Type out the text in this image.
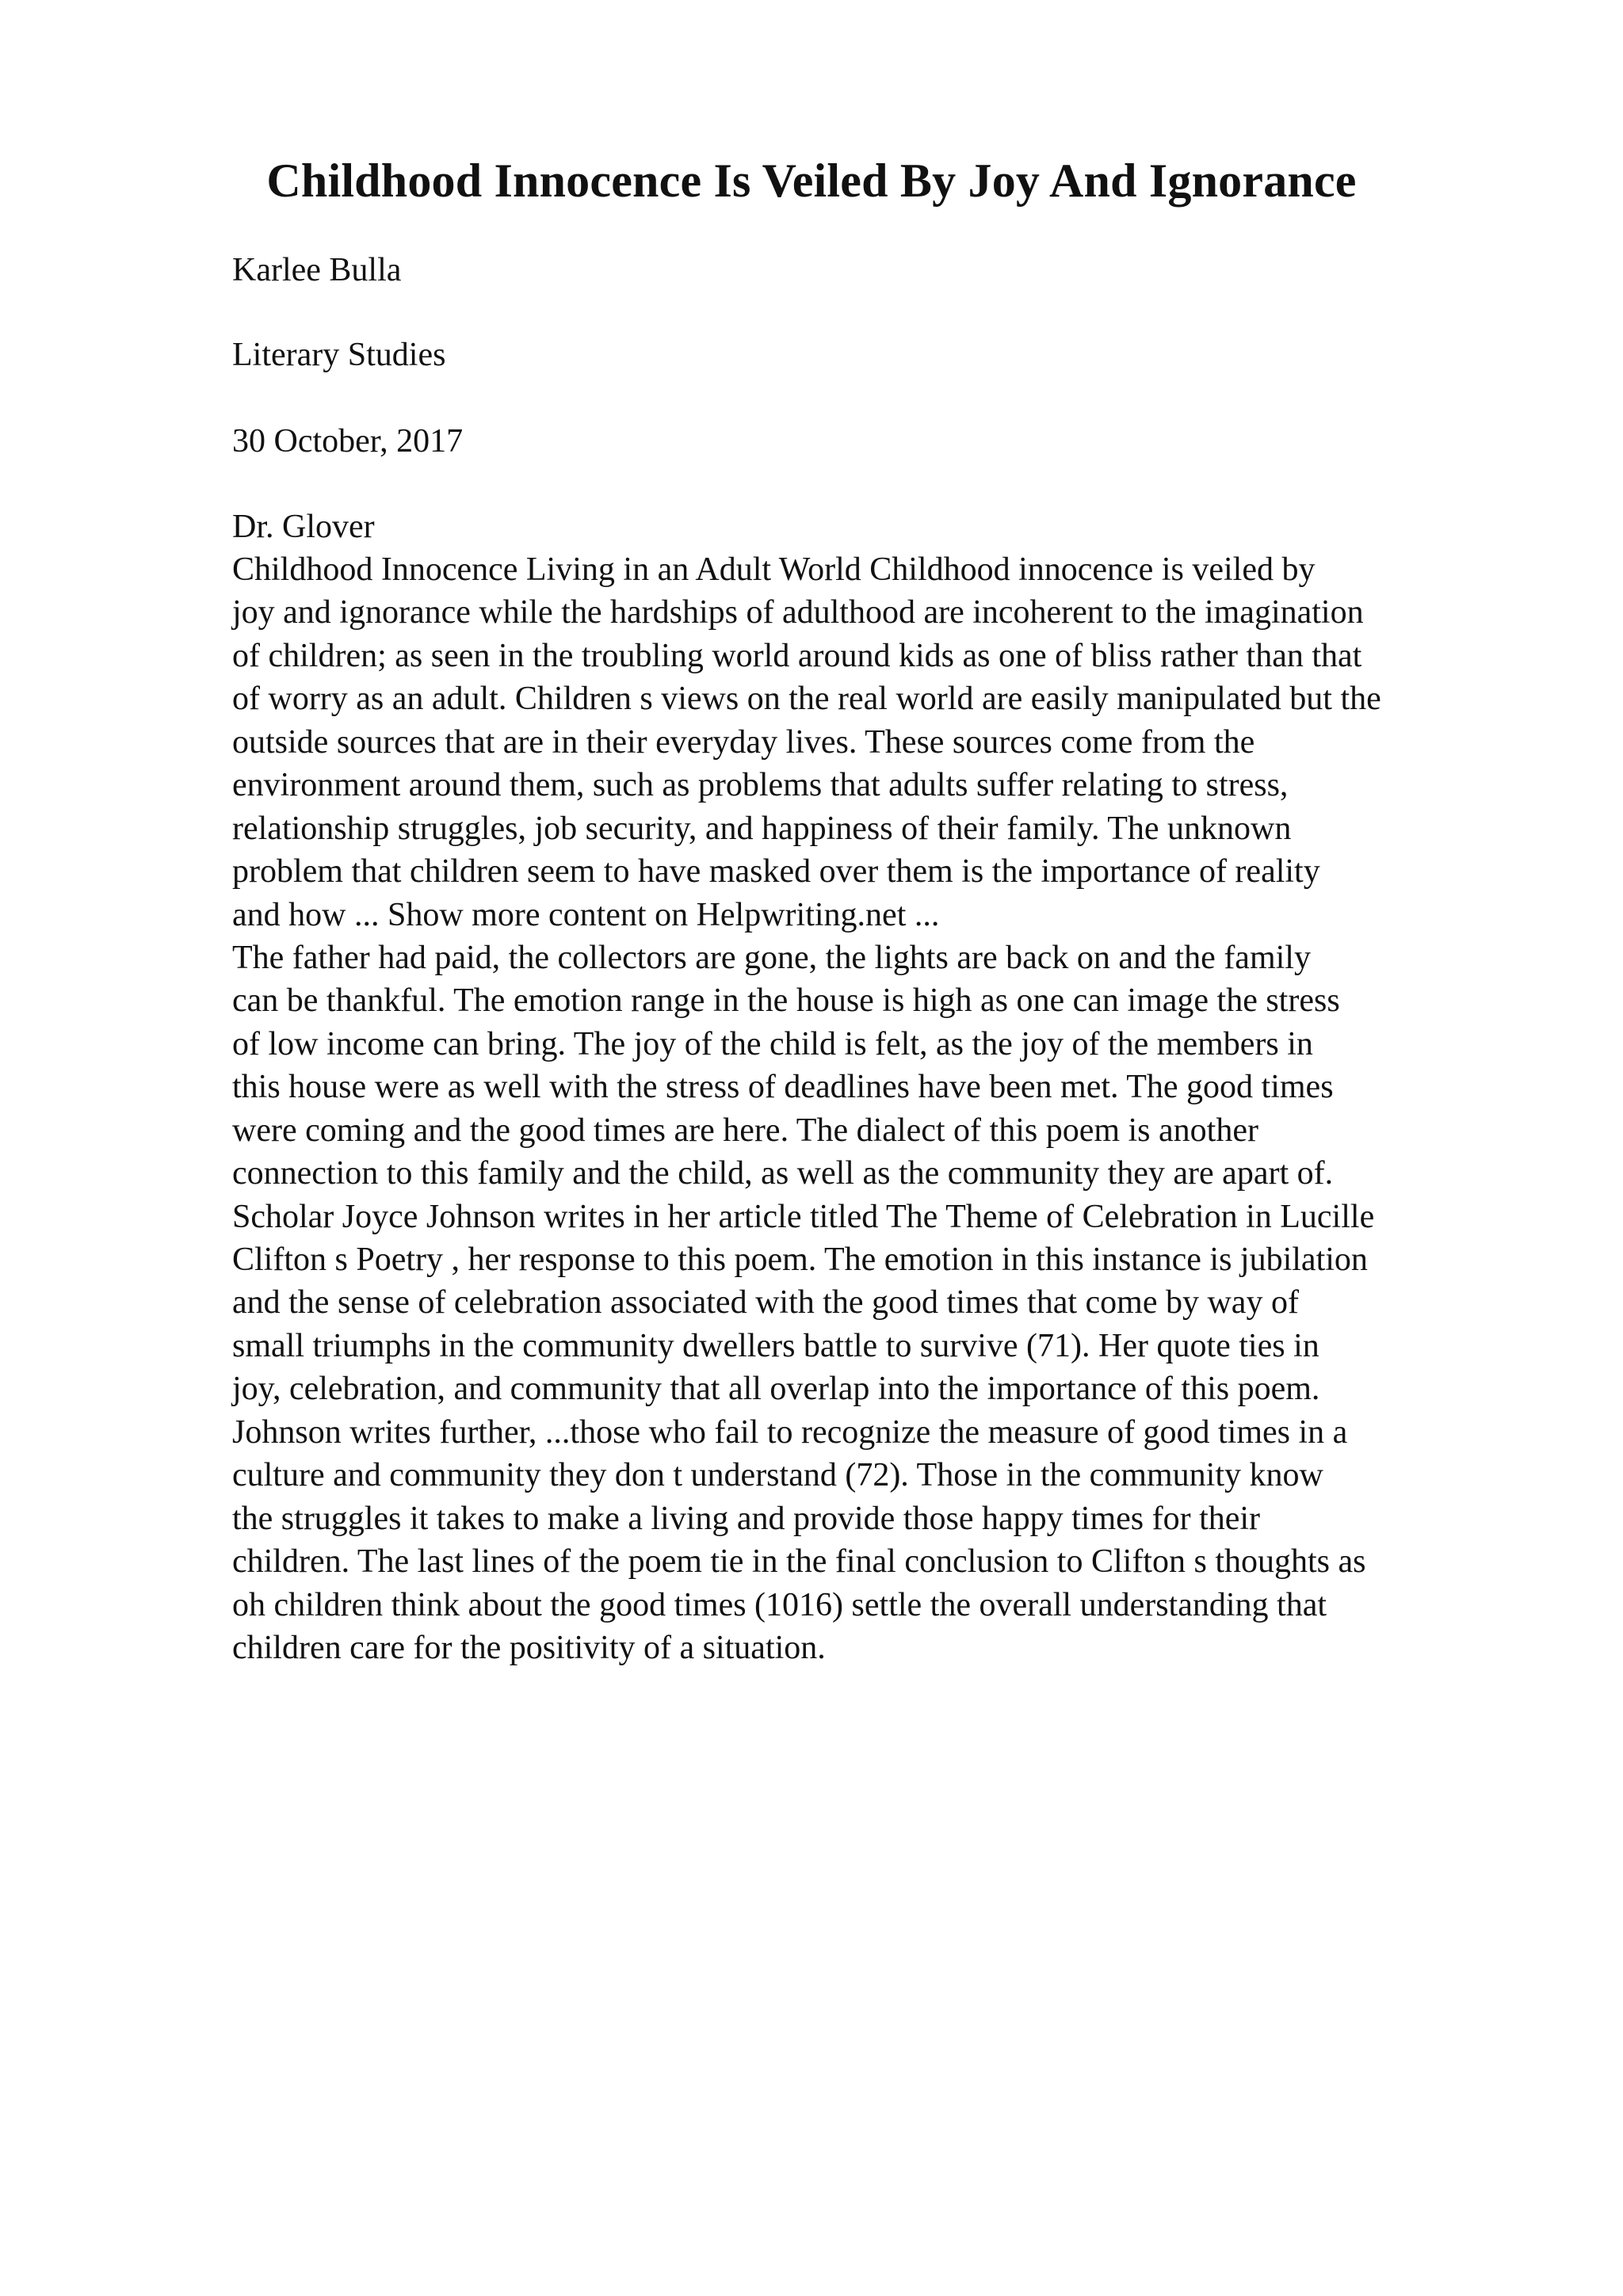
Childhood Innocence Is Veiled By Joy And Ignorance

Karlee Bulla

Literary Studies

30 October, 2017

Dr. Glover

Childhood Innocence Living in an Adult World Childhood innocence is veiled by
joy and ignorance while the hardships of adulthood are incoherent to the imagination
of children; as seen in the troubling world around kids as one of bliss rather than that
of worry as an adult. Children s views on the real world are easily manipulated but the
outside sources that are in their everyday lives. These sources come from the
environment around them, such as problems that adults suffer relating to stress,
relationship struggles, job security, and happiness of their family. The unknown
problem that children seem to have masked over them is the importance of reality
and how ... Show more content on Helpwriting.net ...
The father had paid, the collectors are gone, the lights are back on and the family
can be thankful. The emotion range in the house is high as one can image the stress
of low income can bring. The joy of the child is felt, as the joy of the members in
this house were as well with the stress of deadlines have been met. The good times
were coming and the good times are here. The dialect of this poem is another
connection to this family and the child, as well as the community they are apart of.
Scholar Joyce Johnson writes in her article titled The Theme of Celebration in Lucille
Clifton s Poetry , her response to this poem. The emotion in this instance is jubilation
and the sense of celebration associated with the good times that come by way of
small triumphs in the community dwellers battle to survive (71). Her quote ties in
joy, celebration, and community that all overlap into the importance of this poem.
Johnson writes further, ...those who fail to recognize the measure of good times in a
culture and community they don t understand (72). Those in the community know
the struggles it takes to make a living and provide those happy times for their
children. The last lines of the poem tie in the final conclusion to Clifton s thoughts as
oh children think about the good times (1016) settle the overall understanding that
children care for the positivity of a situation.
